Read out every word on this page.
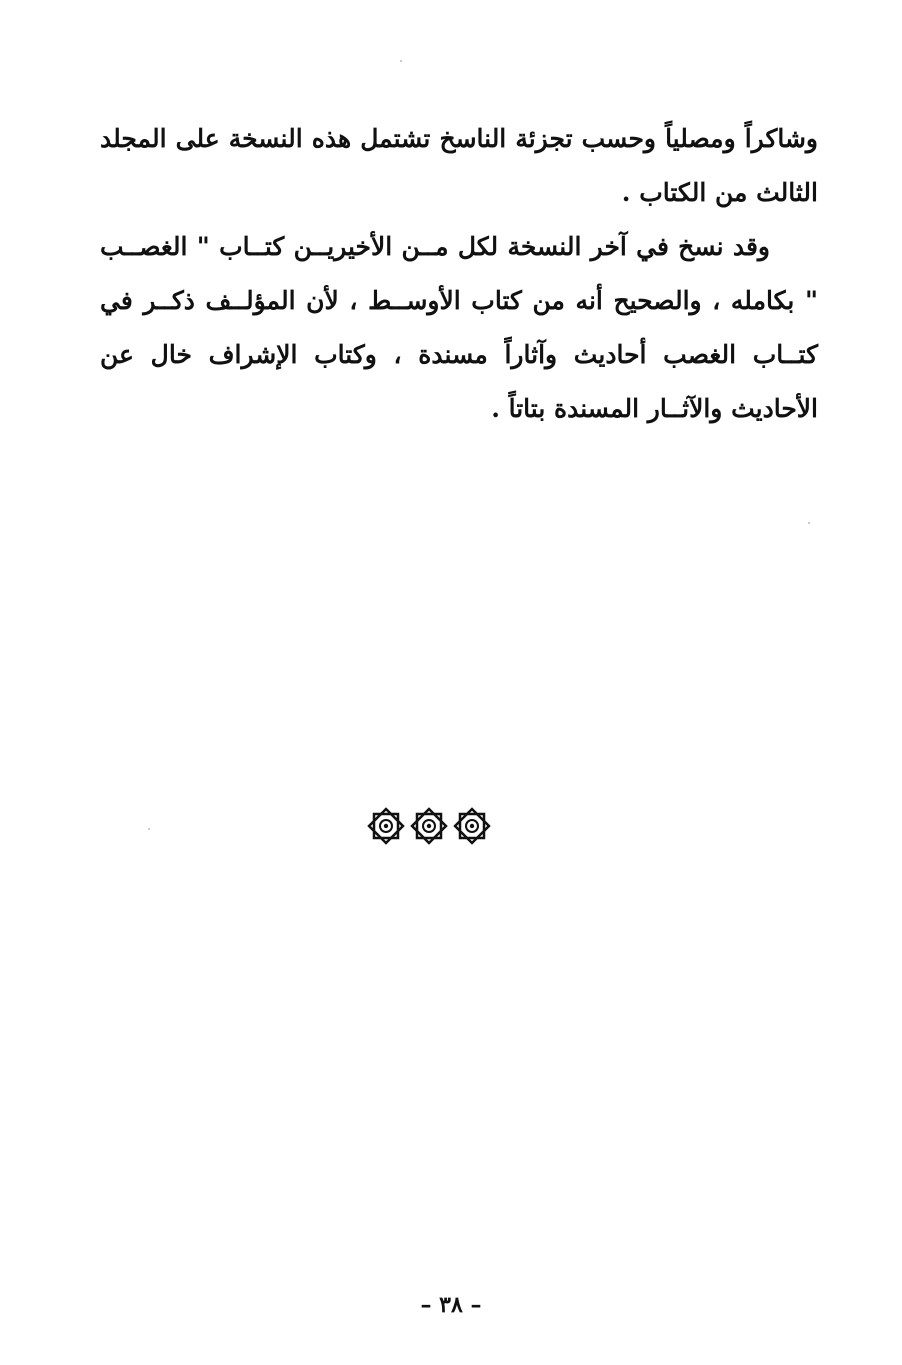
وشاكراً ومصلياً وحسب تجزئة الناسخ تشتمل هذه النسخة على المجلد الثالث من الكتاب .

وقد نسخ في آخر النسخة لكل مــن الأخيريــن كتــاب " الغصــب " بكامله ، والصحيح أنه من كتاب الأوســط ، لأن المؤلــف ذكــر في كتــاب الغصب أحاديث وآثاراً مسندة ، وكتاب الإشراف خال عن الأحاديث والآثــار المسندة بتاتاً .

– ٣٨ –
